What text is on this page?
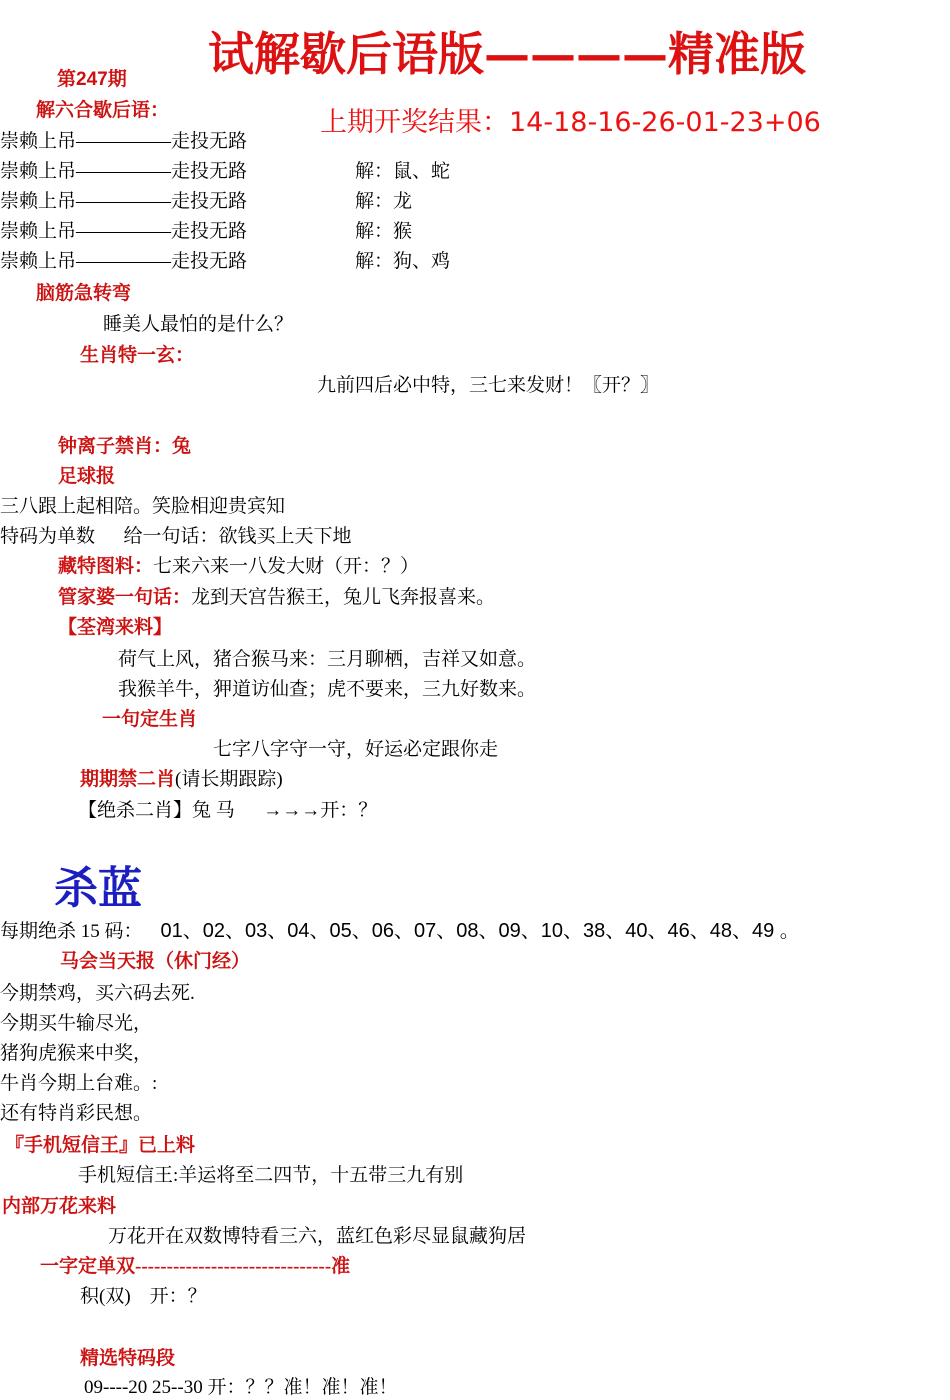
试解歇后语版————精准版
第247期
上期开奖结果：14-18-16-26-01-23+06
解六合歇后语：
崇赖上吊—————走投无路
崇赖上吊—————走投无路	解：鼠、蛇
崇赖上吊—————走投无路	解：龙
崇赖上吊—————走投无路	解：猴
崇赖上吊—————走投无路	解：狗、鸡
脑筋急转弯
睡美人最怕的是什么？
生肖特一玄：
九前四后必中特，三七来发财！〖开？〗
钟离子禁肖：兔
足球报
三八跟上起相陪。笑脸相迎贵宾知
特码为单数      给一句话：欲钱买上天下地
藏特图料：七来六来一八发大财（开：？）
管家婆一句话：龙到天宫告猴王，兔儿飞奔报喜来。
【荃湾来料】
荷气上风，猪合猴马来：三月聊栖，吉祥又如意。
我猴羊牛，狎道访仙查；虎不要来，三九好数来。
一句定生肖
七字八字守一守，好运必定跟你走
期期禁二肖(请长期跟踪)
【绝杀二肖】兔 马      →→→开：？
杀蓝
每期绝杀 15 码： 01、02、03、04、05、06、07、08、09、10、38、40、46、48、49 。
马会当天报（休门经）
今期禁鸡，买六码去死.
今期买牛输尽光，
猪狗虎猴来中奖，
牛肖今期上台难。:
还有特肖彩民想。
『手机短信王』已上料
手机短信王:羊运将至二四节，十五带三九有别
内部万花来料
万花开在双数博特看三六，蓝红色彩尽显鼠藏狗居
一字定单双-------------------------------准
积(双)    开：？
精选特码段
09----20 25--30 开：？？准！准！准！
